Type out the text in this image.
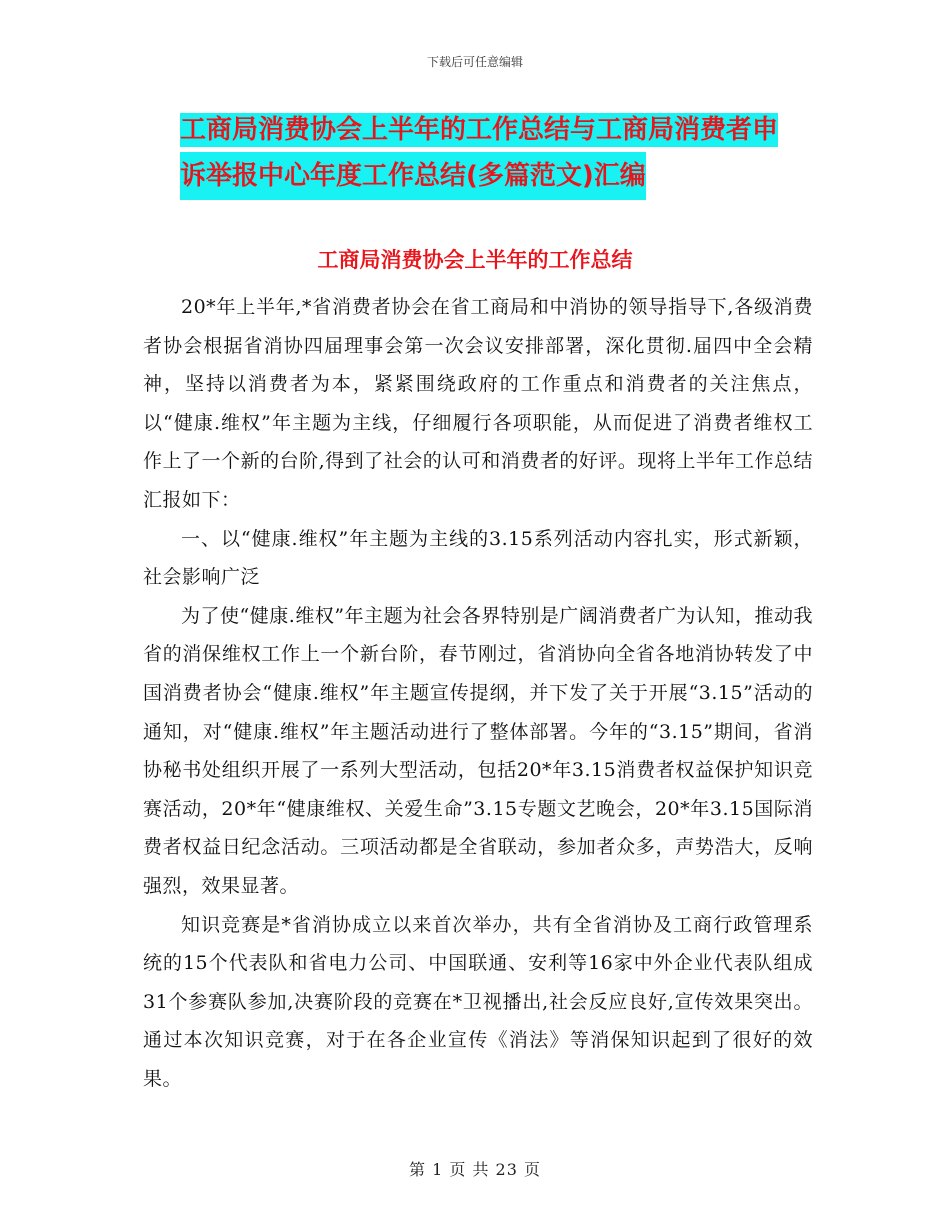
下载后可任意编辑
工商局消费协会上半年的工作总结与工商局消费者申
诉举报中心年度工作总结(多篇范文)汇编
工商局消费协会上半年的工作总结

20*年上半年,*省消费者协会在省工商局和中消协的领导指导下,各级消费者协会根据省消协四届理事会第一次会议安排部署，深化贯彻.届四中全会精神，坚持以消费者为本，紧紧围绕政府的工作重点和消费者的关注焦点，以“健康.维权”年主题为主线，仔细履行各项职能，从而促进了消费者维权工作上了一个新的台阶,得到了社会的认可和消费者的好评。现将上半年工作总结汇报如下：

一、以“健康.维权”年主题为主线的3.15系列活动内容扎实，形式新颖，社会影响广泛

为了使“健康.维权”年主题为社会各界特别是广阔消费者广为认知，推动我省的消保维权工作上一个新台阶，春节刚过，省消协向全省各地消协转发了中国消费者协会“健康.维权”年主题宣传提纲，并下发了关于开展“3.15”活动的通知，对“健康.维权”年主题活动进行了整体部署。今年的“3.15”期间，省消协秘书处组织开展了一系列大型活动，包括20*年3.15消费者权益保护知识竞赛活动，20*年“健康维权、关爱生命”3.15专题文艺晚会，20*年3.15国际消费者权益日纪念活动。三项活动都是全省联动，参加者众多，声势浩大，反响强烈，效果显著。

知识竞赛是*省消协成立以来首次举办，共有全省消协及工商行政管理系统的15个代表队和省电力公司、中国联通、安利等16家中外企业代表队组成31个参赛队参加,决赛阶段的竞赛在*卫视播出,社会反应良好,宣传效果突出。通过本次知识竞赛，对于在各企业宣传《消法》等消保知识起到了很好的效果。

第 1 页 共 23 页
